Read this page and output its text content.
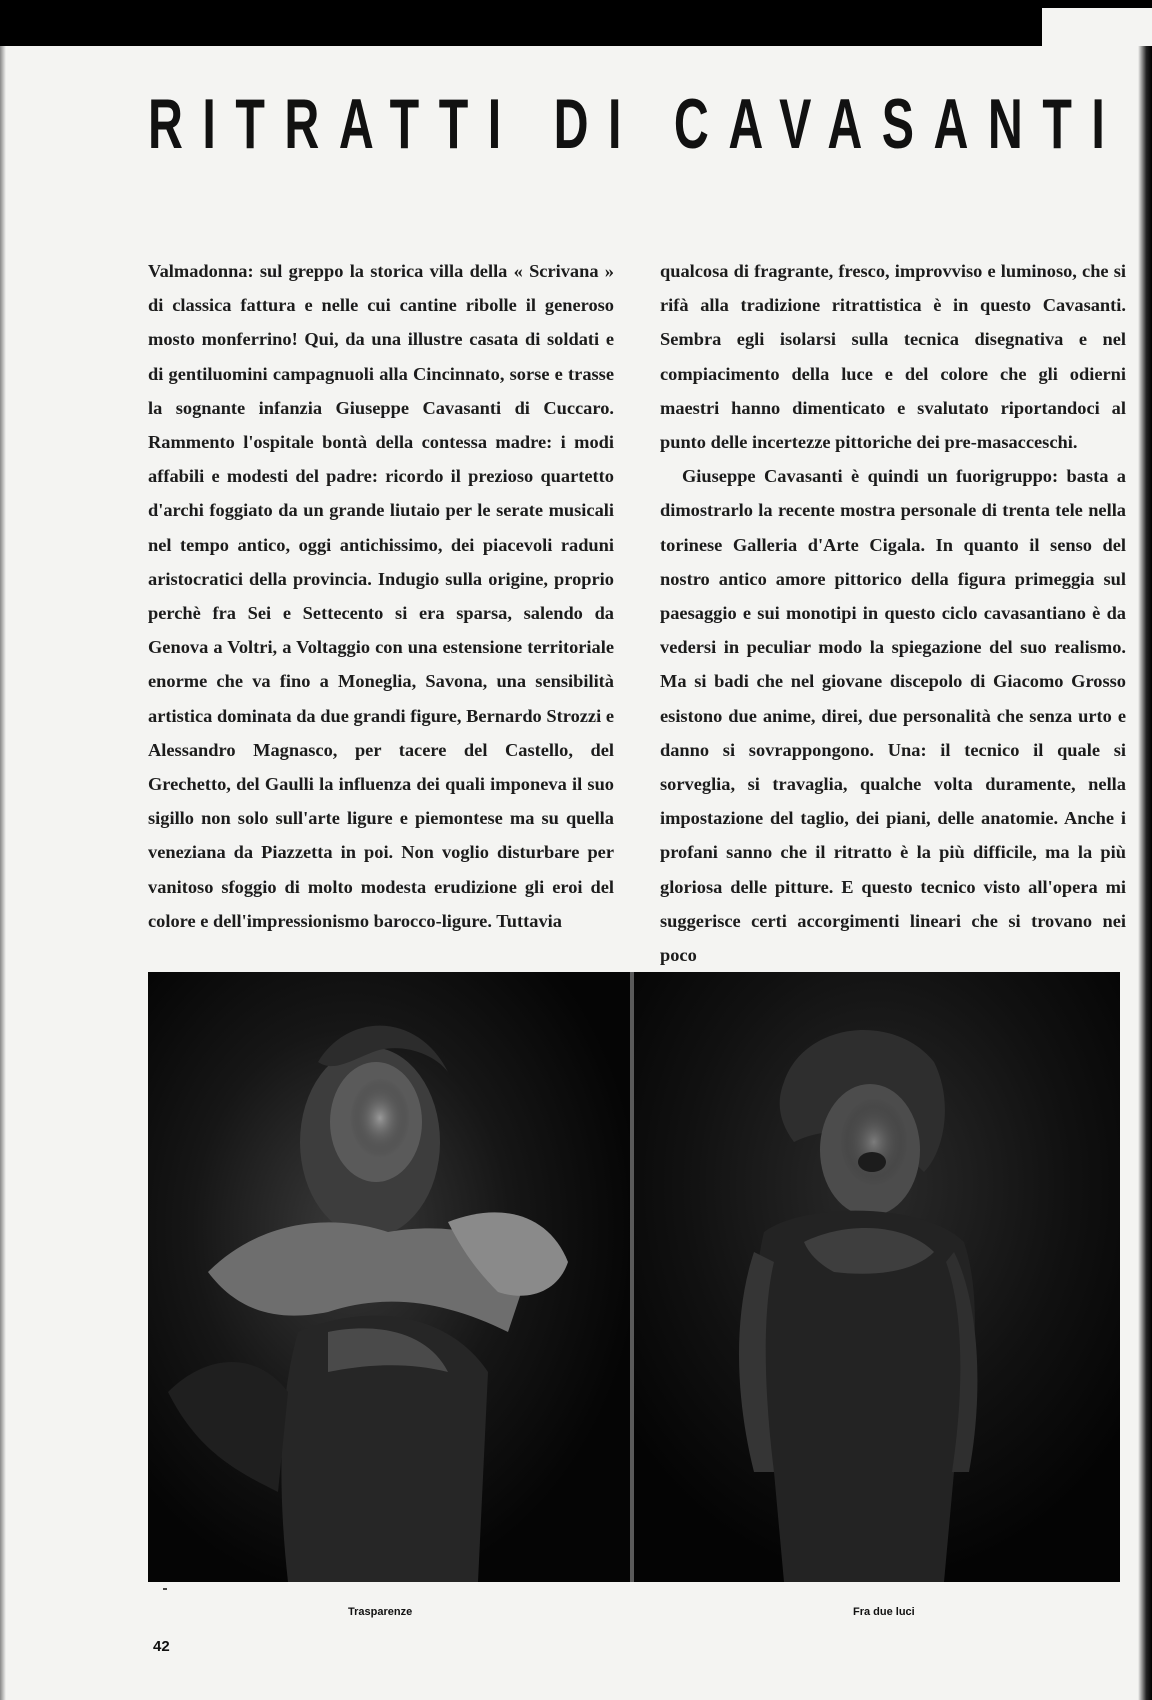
RITRATTI DI CAVASANTI

Valmadonna: sul greppo la storica villa della « Scrivana » di classica fattura e nelle cui cantine ribolle il generoso mosto monferrino! Qui, da una illustre casata di soldati e di gentiluomini campagnuoli alla Cincinnato, sorse e trasse la sognante infanzia Giuseppe Cavasanti di Cuccaro. Rammento l'ospitale bontà della contessa madre: i modi affabili e modesti del padre: ricordo il prezioso quartetto d'archi foggiato da un grande liutaio per le serate musicali nel tempo antico, oggi antichissimo, dei piacevoli raduni aristocratici della provincia. Indugio sulla origine, proprio perchè fra Sei e Settecento si era sparsa, salendo da Genova a Voltri, a Voltaggio con una estensione territoriale enorme che va fino a Moneglia, Savona, una sensibilità artistica dominata da due grandi figure, Bernardo Strozzi e Alessandro Magnasco, per tacere del Castello, del Grechetto, del Gaulli la influenza dei quali imponeva il suo sigillo non solo sull'arte ligure e piemontese ma su quella veneziana da Piazzetta in poi. Non voglio disturbare per vanitoso sfoggio di molto modesta erudizione gli eroi del colore e dell'impressionismo barocco-ligure. Tuttavia

qualcosa di fragrante, fresco, improvviso e luminoso, che si rifà alla tradizione ritrattistica è in questo Cavasanti. Sembra egli isolarsi sulla tecnica disegnativa e nel compiacimento della luce e del colore che gli odierni maestri hanno dimenticato e svalutato riportandoci al punto delle incertezze pittoriche dei pre-masacceschi.

Giuseppe Cavasanti è quindi un fuorigruppo: basta a dimostrarlo la recente mostra personale di trenta tele nella torinese Galleria d'Arte Cigala. In quanto il senso del nostro antico amore pittorico della figura primeggia sul paesaggio e sui monotipi in questo ciclo cavasantiano è da vedersi in peculiar modo la spiegazione del suo realismo. Ma si badi che nel giovane discepolo di Giacomo Grosso esistono due anime, direi, due personalità che senza urto e danno si sovrappongono. Una: il tecnico il quale si sorveglia, si travaglia, qualche volta duramente, nella impostazione del taglio, dei piani, delle anatomie. Anche i profani sanno che il ritratto è la più difficile, ma la più gloriosa delle pitture. E questo tecnico visto all'opera mi suggerisce certi accorgimenti lineari che si trovano nei poco

Trasparenze	Fra due luci
42
